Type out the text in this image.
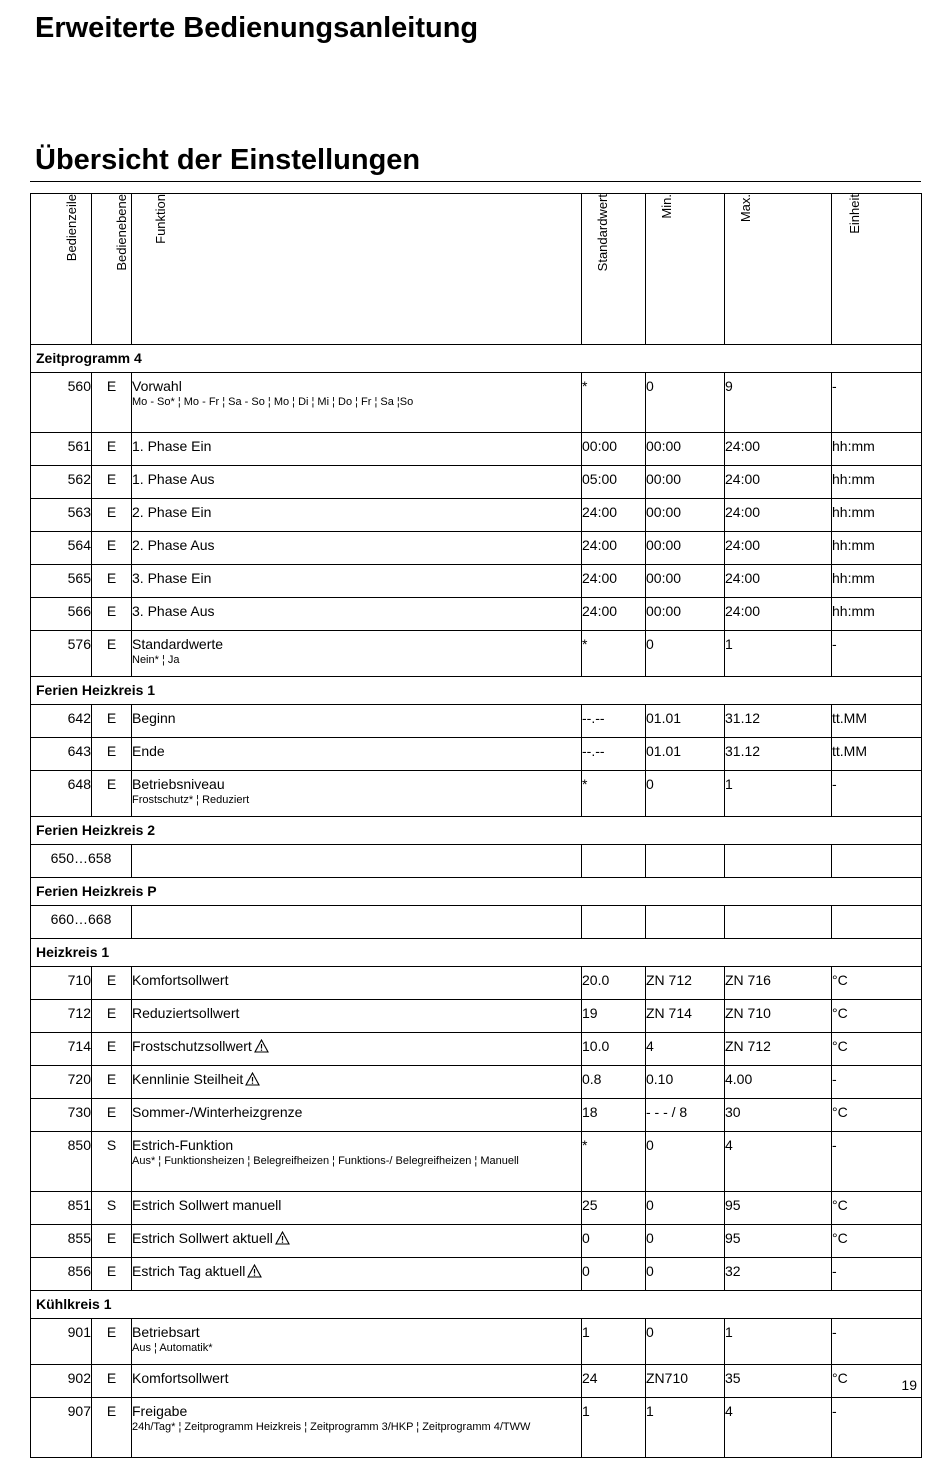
Erweiterte Bedienungsanleitung
Übersicht der Einstellungen
Bedienzeile	Bedienebene	Funktion	Standardwert	Min.	Max.	Einheit
Zeitprogramm 4						
560	E	Vorwahl
Mo - So* ¦ Mo - Fr ¦ Sa - So ¦ Mo ¦ Di ¦ Mi ¦ Do ¦ Fr ¦ Sa ¦So	*	0	9	-
561	E	1. Phase Ein	00:00	00:00	24:00	hh:mm
562	E	1. Phase Aus	05:00	00:00	24:00	hh:mm
563	E	2. Phase Ein	24:00	00:00	24:00	hh:mm
564	E	2. Phase Aus	24:00	00:00	24:00	hh:mm
565	E	3. Phase Ein	24:00	00:00	24:00	hh:mm
566	E	3. Phase Aus	24:00	00:00	24:00	hh:mm
576	E	Standardwerte
Nein* ¦ Ja	*	0	1	-
Ferien Heizkreis 1						
642	E	Beginn	--.--	01.01	31.12	tt.MM
643	E	Ende	--.--	01.01	31.12	tt.MM
648	E	Betriebsniveau
Frostschutz* ¦ Reduziert	*	0	1	-
Ferien Heizkreis 2						
650…658						
Ferien Heizkreis P						
660…668						
Heizkreis 1						
710	E	Komfortsollwert	20.0	ZN 712	ZN 716	°C
712	E	Reduziertsollwert	19	ZN 714	ZN 710	°C
714	E	Frostschutzsollwert	10.0	4	ZN 712	°C
720	E	Kennlinie Steilheit	0.8	0.10	4.00	-
730	E	Sommer-/Winterheizgrenze	18	- - - / 8	30	°C
850	S	Estrich-Funktion
Aus* ¦ Funktionsheizen ¦ Belegreifheizen ¦ Funktions-/ Belegreifheizen ¦ Manuell	*	0	4	-
851	S	Estrich Sollwert manuell	25	0	95	°C
855	E	Estrich Sollwert aktuell	0	0	95	°C
856	E	Estrich Tag aktuell	0	0	32	-
Kühlkreis 1						
901	E	Betriebsart
Aus ¦ Automatik*	1	0	1	-
902	E	Komfortsollwert	24	ZN710	35	°C
907	E	Freigabe
24h/Tag* ¦ Zeitprogramm Heizkreis ¦ Zeitprogramm 3/HKP ¦ Zeitprogramm 4/TWW	1	1	4	-
19
